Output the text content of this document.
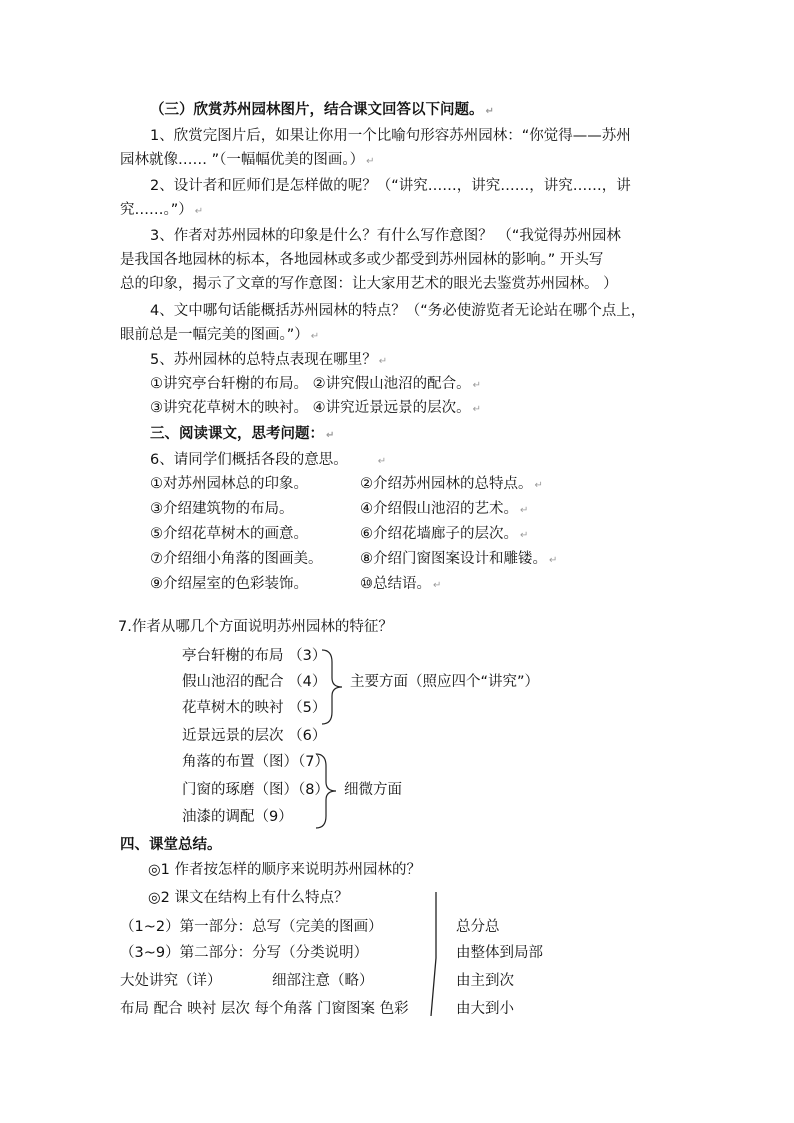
（三）欣赏苏州园林图片，结合课文回答以下问题。 ↵
1、欣赏完图片后，如果让你用一个比喻句形容苏州园林：“你觉得——苏州
园林就像…… ”（一幅幅优美的图画。） ↵
2、设计者和匠师们是怎样做的呢？（“讲究……，讲究……，讲究……，讲
究……。”） ↵
3、作者对苏州园林的印象是什么？有什么写作意图？ （“我觉得苏州园林
是我国各地园林的标本，各地园林或多或少都受到苏州园林的影响。” 开头写
总的印象，揭示了文章的写作意图：让大家用艺术的眼光去鉴赏苏州园林。 ）
4、文中哪句话能概括苏州园林的特点？（“务必使游览者无论站在哪个点上，
眼前总是一幅完美的图画。”） ↵
5、苏州园林的总特点表现在哪里？ ↵
①讲究亭台轩榭的布局。 ②讲究假山池沼的配合。 ↵
③讲究花草树木的映衬。 ④讲究近景远景的层次。 ↵
三、阅读课文，思考问题： ↵
6、请同学们概括各段的意思。	↵
①对苏州园林总的印象。	②介绍苏州园林的总特点。 ↵
③介绍建筑物的布局。	④介绍假山池沼的艺术。 ↵
⑤介绍花草树木的画意。	⑥介绍花墙廊子的层次。 ↵
⑦介绍细小角落的图画美。	⑧介绍门窗图案设计和雕镂。 ↵
⑨介绍屋室的色彩装饰。	⑩总结语。 ↵
7.作者从哪几个方面说明苏州园林的特征？
亭台轩榭的布局 （3）
假山池沼的配合 （4）
花草树木的映衬 （5）
近景远景的层次 （6）
角落的布置（图）（7）
门窗的琢磨（图）（8）
油漆的调配（9）
主要方面（照应四个“讲究”）
细微方面
四、课堂总结。
◎1 作者按怎样的顺序来说明苏州园林的？
◎2 课文在结构上有什么特点？
（1~2）第一部分：总写（完美的图画）
（3~9）第二部分：分写（分类说明）
大处讲究（详）	细部注意（略）
布局 配合 映衬 层次 每个角落 门窗图案 色彩
总分总
由整体到局部
由主到次
由大到小
